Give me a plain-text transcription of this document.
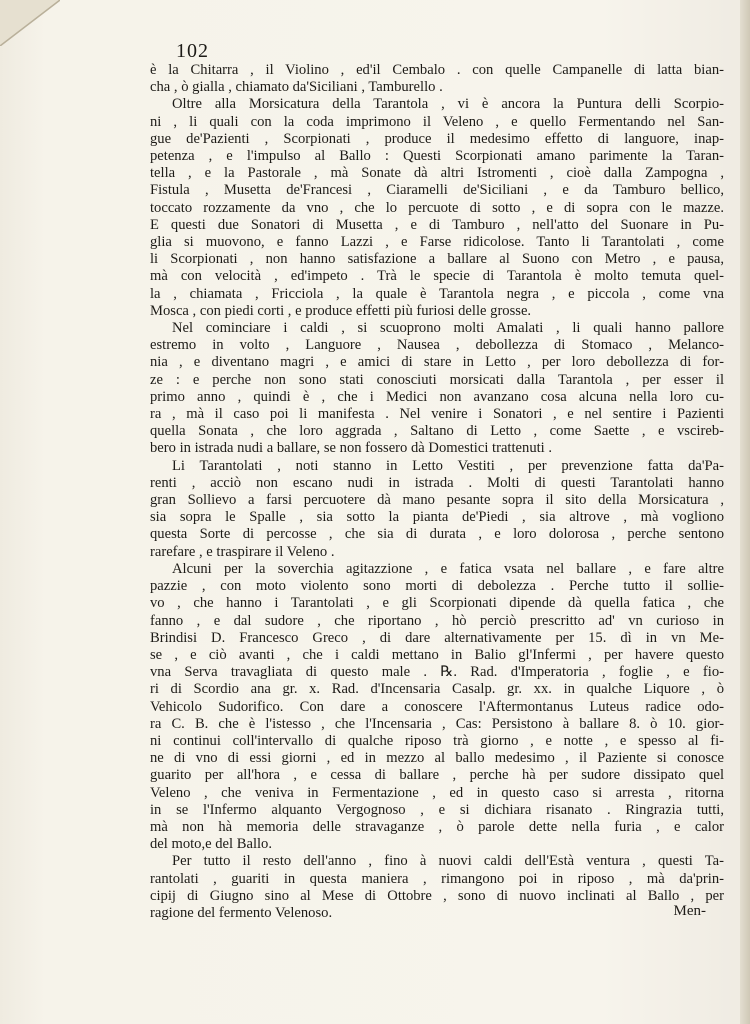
102
è la Chitarra , il Violino , ed'il Cembalo . con quelle Campanelle di latta bian-
cha , ò gialla , chiamato da'Siciliani , Tamburello .
Oltre alla Morsicatura della Tarantola , vi è ancora la Puntura delli Scorpio-
ni , li quali con la coda imprimono il Veleno , e quello Fermentando nel San-
gue de'Pazienti , Scorpionati , produce il medesimo effetto di languore, inap-
petenza , e l'impulso al Ballo : Questi Scorpionati amano parimente la Taran-
tella , e la Pastorale , mà Sonate dà altri Istromenti , cioè dalla Zampogna ,
Fistula , Musetta de'Francesi , Ciaramelli de'Siciliani , e da Tamburo bellico,
toccato rozzamente da vno , che lo percuote di sotto , e di sopra con le mazze.
E questi due Sonatori di Musetta , e di Tamburo , nell'atto del Suonare in Pu-
glia si muovono, e fanno Lazzi , e Farse ridicolose. Tanto li Tarantolati , come
li Scorpionati , non hanno satisfazione a ballare al Suono con Metro , e pausa,
mà con velocità , ed'impeto . Trà le specie di Tarantola è molto temuta quel-
la , chiamata , Fricciola , la quale è Tarantola negra , e piccola , come vna
Mosca , con piedi corti , e produce effetti più furiosi delle grosse.
Nel cominciare i caldi , si scuoprono molti Amalati , li quali hanno pallore
estremo in volto , Languore , Nausea , debollezza di Stomaco , Melanco-
nia , e diventano magri , e amici di stare in Letto , per loro debollezza di for-
ze : e perche non sono stati conosciuti morsicati dalla Tarantola , per esser il
primo anno , quindi è , che i Medici non avanzano cosa alcuna nella loro cu-
ra , mà il caso poi li manifesta . Nel venire i Sonatori , e nel sentire i Pazienti
quella Sonata , che loro aggrada , Saltano di Letto , come Saette , e vscireb-
bero in istrada nudi a ballare, se non fossero dà Domestici trattenuti .
Li Tarantolati , noti stanno in Letto Vestiti , per prevenzione fatta da'Pa-
renti , acciò non escano nudi in istrada . Molti di questi Tarantolati hanno
gran Sollievo a farsi percuotere dà mano pesante sopra il sito della Morsicatura ,
sia sopra le Spalle , sia sotto la pianta de'Piedi , sia altrove , mà vogliono
questa Sorte di percosse , che sia di durata , e loro dolorosa , perche sentono
rarefare , e traspirare il Veleno .
Alcuni per la soverchia agitazzione , e fatica vsata nel ballare , e fare altre
pazzie , con moto violento sono morti di debolezza . Perche tutto il sollie-
vo , che hanno i Tarantolati , e gli Scorpionati dipende dà quella fatica , che
fanno , e dal sudore , che riportano , hò perciò prescritto ad' vn curioso in
Brindisi D. Francesco Greco , di dare alternativamente per 15. dì in vn Me-
se , e ciò avanti , che i caldi mettano in Balio gl'Infermi , per havere questo
vna Serva travagliata di questo male . ℞. Rad. d'Imperatoria , foglie , e fio-
ri di Scordio ana gr. x. Rad. d'Incensaria Casalp. gr. xx. in qualche Liquore , ò
Vehicolo Sudorifico. Con dare a conoscere l'Aftermontanus Luteus radice odo-
ra C. B. che è l'istesso , che l'Incensaria , Cas: Persistono à ballare 8. ò 10. gior-
ni continui coll'intervallo di qualche riposo trà giorno , e notte , e spesso al fi-
ne di vno di essi giorni , ed in mezzo al ballo medesimo , il Paziente si conosce
guarito per all'hora , e cessa di ballare , perche hà per sudore dissipato quel
Veleno , che veniva in Fermentazione , ed in questo caso si arresta , ritorna
in se l'Infermo alquanto Vergognoso , e si dichiara risanato . Ringrazia tutti,
mà non hà memoria delle stravaganze , ò parole dette nella furia , e calor
del moto,e del Ballo.
Per tutto il resto dell'anno , fino à nuovi caldi dell'Està ventura , questi Ta-
rantolati , guariti in questa maniera , rimangono poi in riposo , mà da'prin-
cipij di Giugno sino al Mese di Ottobre , sono di nuovo inclinati al Ballo , per
ragione del fermento Velenoso.	Men-
